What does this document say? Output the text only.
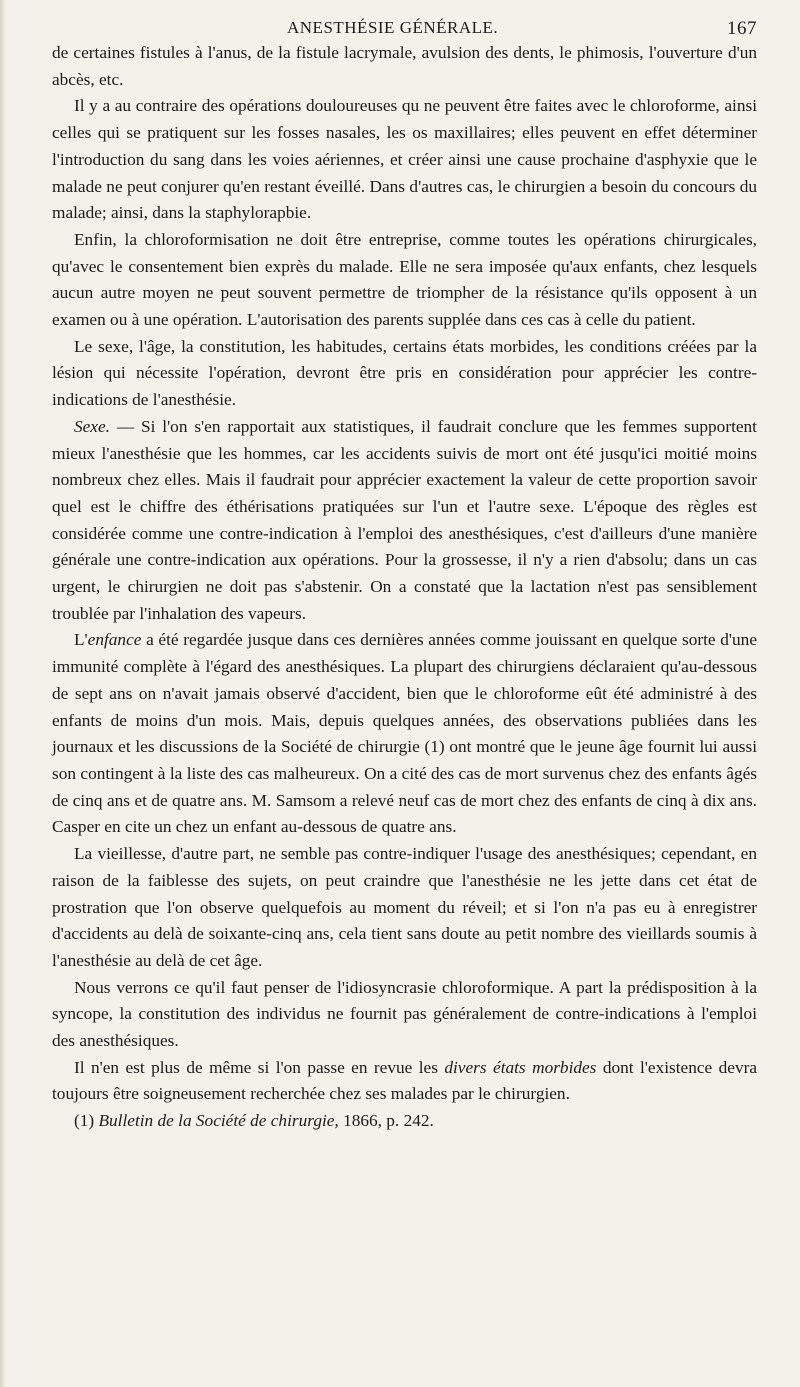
ANESTHÉSIE GÉNÉRALE.	167

de certaines fistules à l'anus, de la fistule lacrymale, avulsion des dents, le phimosis, l'ouverture d'un abcès, etc.

Il y a au contraire des opérations douloureuses qu ne peuvent être faites avec le chloroforme, ainsi celles qui se pratiquent sur les fosses nasales, les os maxillaires; elles peuvent en effet déterminer l'introduction du sang dans les voies aériennes, et créer ainsi une cause prochaine d'asphyxie que le malade ne peut conjurer qu'en restant éveillé. Dans d'autres cas, le chirurgien a besoin du concours du malade; ainsi, dans la staphylorapbie.

Enfin, la chloroformisation ne doit être entreprise, comme toutes les opérations chirurgicales, qu'avec le consentement bien exprès du malade. Elle ne sera imposée qu'aux enfants, chez lesquels aucun autre moyen ne peut souvent permettre de triompher de la résistance qu'ils opposent à un examen ou à une opération. L'autorisation des parents supplée dans ces cas à celle du patient.

Le sexe, l'âge, la constitution, les habitudes, certains états morbides, les conditions créées par la lésion qui nécessite l'opération, devront être pris en considération pour apprécier les contre-indications de l'anesthésie.

Sexe. — Si l'on s'en rapportait aux statistiques, il faudrait conclure que les femmes supportent mieux l'anesthésie que les hommes, car les accidents suivis de mort ont été jusqu'ici moitié moins nombreux chez elles. Mais il faudrait pour apprécier exactement la valeur de cette proportion savoir quel est le chiffre des éthérisations pratiquées sur l'un et l'autre sexe. L'époque des règles est considérée comme une contre-indication à l'emploi des anesthésiques, c'est d'ailleurs d'une manière générale une contre-indication aux opérations. Pour la grossesse, il n'y a rien d'absolu; dans un cas urgent, le chirurgien ne doit pas s'abstenir. On a constaté que la lactation n'est pas sensiblement troublée par l'inhalation des vapeurs.

L'enfance a été regardée jusque dans ces dernières années comme jouissant en quelque sorte d'une immunité complète à l'égard des anesthésiques. La plupart des chirurgiens déclaraient qu'au-dessous de sept ans on n'avait jamais observé d'accident, bien que le chloroforme eût été administré à des enfants de moins d'un mois. Mais, depuis quelques années, des observations publiées dans les journaux et les discussions de la Société de chirurgie (1) ont montré que le jeune âge fournit lui aussi son contingent à la liste des cas malheureux. On a cité des cas de mort survenus chez des enfants âgés de cinq ans et de quatre ans. M. Samsom a relevé neuf cas de mort chez des enfants de cinq à dix ans. Casper en cite un chez un enfant au-dessous de quatre ans.

La vieillesse, d'autre part, ne semble pas contre-indiquer l'usage des anesthésiques; cependant, en raison de la faiblesse des sujets, on peut craindre que l'anesthésie ne les jette dans cet état de prostration que l'on observe quelquefois au moment du réveil; et si l'on n'a pas eu à enregistrer d'accidents au delà de soixante-cinq ans, cela tient sans doute au petit nombre des vieillards soumis à l'anesthésie au delà de cet âge.

Nous verrons ce qu'il faut penser de l'idiosyncrasie chloroformique. A part la prédisposition à la syncope, la constitution des individus ne fournit pas généralement de contre-indications à l'emploi des anesthésiques.

Il n'en est plus de même si l'on passe en revue les divers états morbides dont l'existence devra toujours être soigneusement recherchée chez ses malades par le chirurgien.

(1) Bulletin de la Société de chirurgie, 1866, p. 242.
